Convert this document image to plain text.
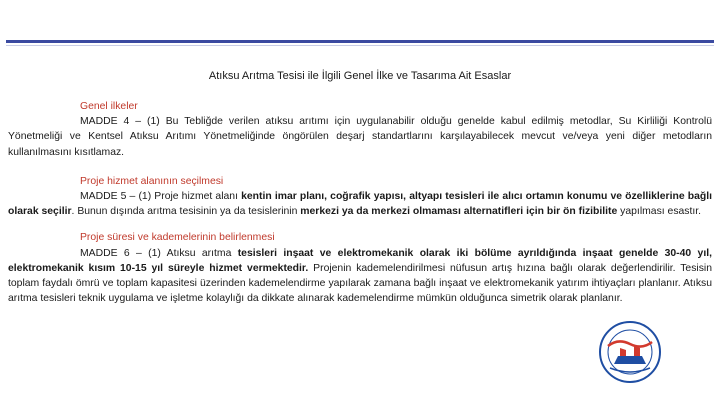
Atıksu Arıtma Tesisi ile İlgili Genel İlke ve Tasarıma Ait Esaslar
Genel ilkeler
MADDE 4 – (1) Bu Tebliğde verilen atıksu arıtımı için uygulanabilir olduğu genelde kabul edilmiş metodlar, Su Kirliliği Kontrolü Yönetmeliği ve Kentsel Atıksu Arıtımı Yönetmeliğinde öngörülen deşarj standartlarını karşılayabilecek mevcut ve/veya yeni diğer metodların kullanılmasını kısıtlamaz.
Proje hizmet alanının seçilmesi
MADDE 5 – (1) Proje hizmet alanı kentin imar planı, coğrafik yapısı, altyapı tesisleri ile alıcı ortamın konumu ve özelliklerine bağlı olarak seçilir. Bunun dışında arıtma tesisinin ya da tesislerinin merkezi ya da merkezi olmaması alternatifleri için bir ön fizibilite yapılması esastır.
Proje süresi ve kademelerinin belirlenmesi
MADDE 6 – (1) Atıksu arıtma tesisleri inşaat ve elektromekanik olarak iki bölüme ayrıldığında inşaat genelde 30-40 yıl, elektromekanik kısım 10-15 yıl süreyle hizmet vermektedir. Projenin kademelendirilmesi nüfusun artış hızına bağlı olarak değerlendirilir. Tesisin toplam faydalı ömrü ve toplam kapasitesi üzerinden kademelendirme yapılarak zamana bağlı inşaat ve elektromekanik yatırım ihtiyaçları planlanır. Atıksu arıtma tesisleri teknik uygulama ve işletme kolaylığı da dikkate alınarak kademelendirme mümkün olduğunca simetrik olarak planlanır.
